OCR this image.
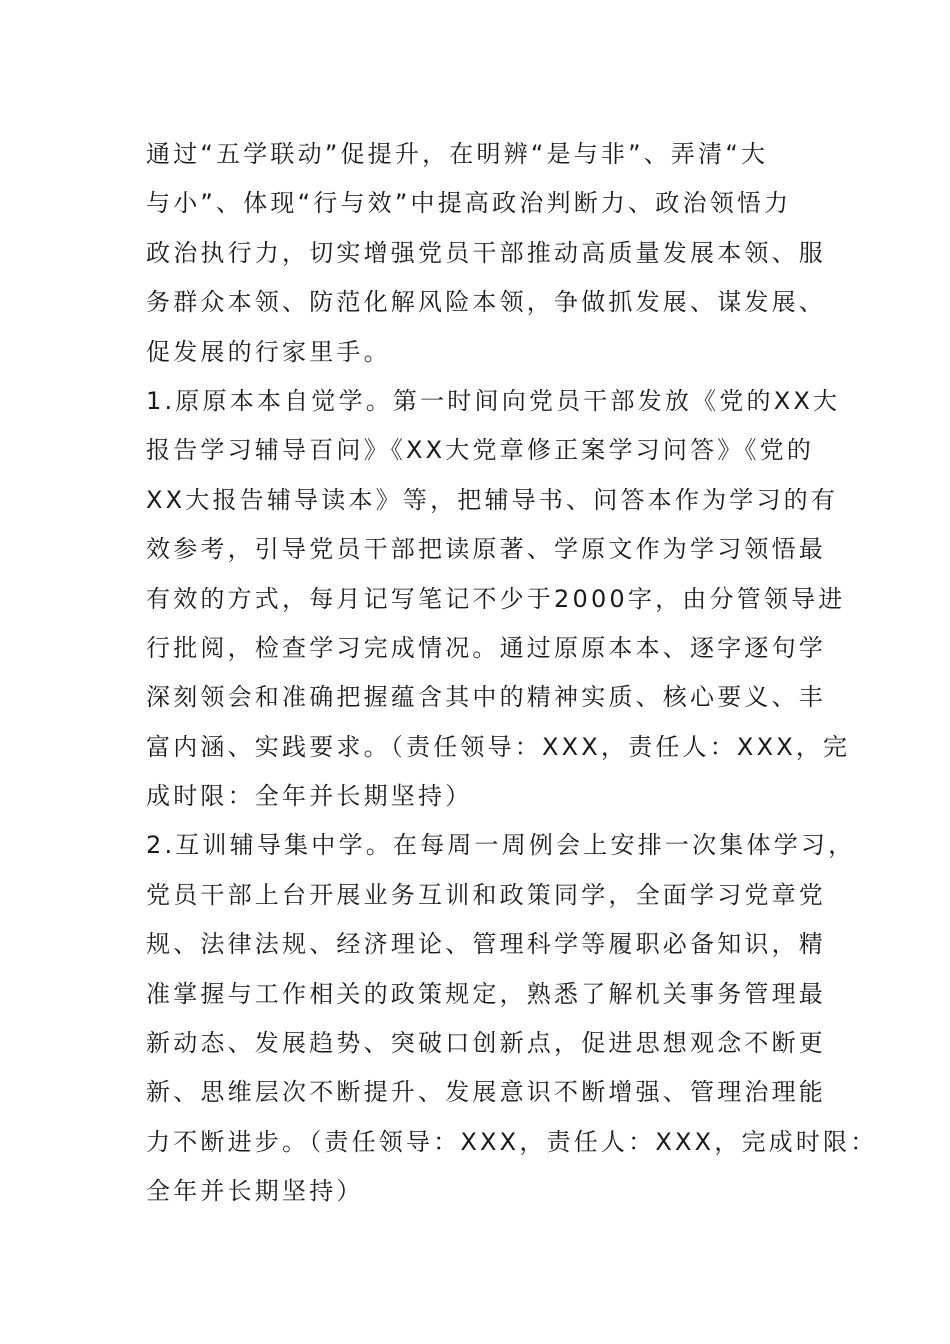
通过“五学联动”促提升，在明辨“是与非”、弄清“大
与小”、体现“行与效”中提高政治判断力、政治领悟力
政治执行力，切实增强党员干部推动高质量发展本领、服
务群众本领、防范化解风险本领，争做抓发展、谋发展、
促发展的行家里手。
1.原原本本自觉学。第一时间向党员干部发放《党的XX大
报告学习辅导百问》《XX大党章修正案学习问答》《党的
XX大报告辅导读本》等，把辅导书、问答本作为学习的有
效参考，引导党员干部把读原著、学原文作为学习领悟最
有效的方式，每月记写笔记不少于2000字，由分管领导进
行批阅，检查学习完成情况。通过原原本本、逐字逐句学
深刻领会和准确把握蕴含其中的精神实质、核心要义、丰
富内涵、实践要求。（责任领导：XXX，责任人：XXX，完
成时限：全年并长期坚持）
2.互训辅导集中学。在每周一周例会上安排一次集体学习，
党员干部上台开展业务互训和政策同学，全面学习党章党
规、法律法规、经济理论、管理科学等履职必备知识，精
准掌握与工作相关的政策规定，熟悉了解机关事务管理最
新动态、发展趋势、突破口创新点，促进思想观念不断更
新、思维层次不断提升、发展意识不断增强、管理治理能
力不断进步。（责任领导：XXX，责任人：XXX，完成时限：
全年并长期坚持）
